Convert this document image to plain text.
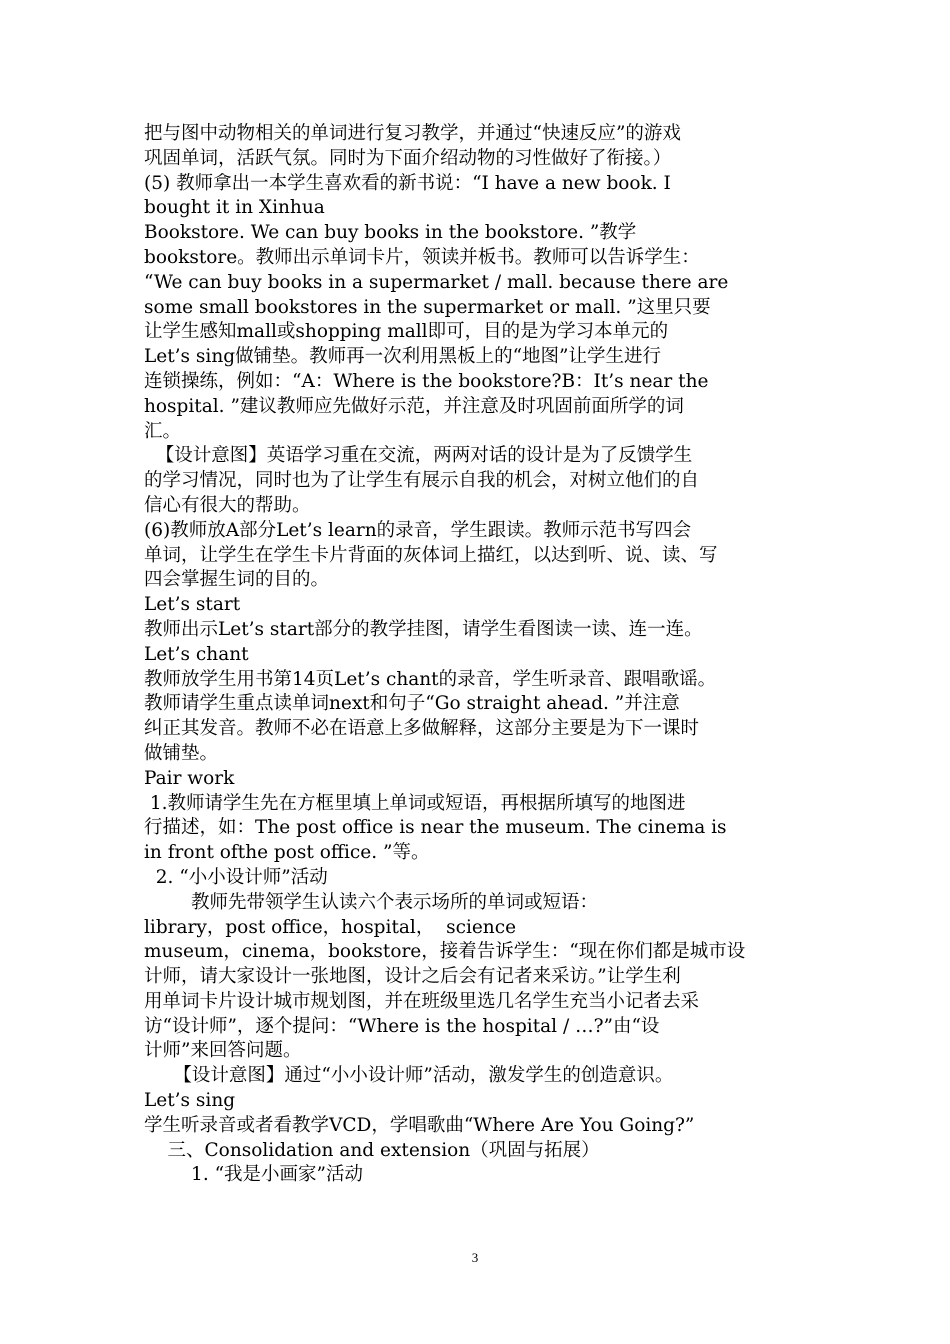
把与图中动物相关的单词进行复习教学，并通过“快速反应”的游戏
巩固单词，活跃气氛。同时为下面介绍动物的习性做好了衔接。）
(5) 教师拿出一本学生喜欢看的新书说：“I have a new book. I
bought it in Xinhua
Bookstore. We can buy books in the bookstore. ”教学
bookstore。教师出示单词卡片，领读并板书。教师可以告诉学生：
“We can buy books in a supermarket / mall. because there are
some small bookstores in the supermarket or mall. ”这里只要
让学生感知mall或shopping mall即可，目的是为学习本单元的
Let’s sing做铺垫。教师再一次利用黑板上的“地图”让学生进行
连锁操练，例如：“A：Where is the bookstore?B：It’s near the
hospital. ”建议教师应先做好示范，并注意及时巩固前面所学的词
汇。
【设计意图】英语学习重在交流，两两对话的设计是为了反馈学生
的学习情况，同时也为了让学生有展示自我的机会，对树立他们的自
信心有很大的帮助。
(6)教师放A部分Let’s learn的录音，学生跟读。教师示范书写四会
单词，让学生在学生卡片背面的灰体词上描红，以达到听、说、读、写
四会掌握生词的目的。
Let’s start
教师出示Let’s start部分的教学挂图，请学生看图读一读、连一连。
Let’s chant
教师放学生用书第14页Let’s chant的录音，学生听录音、跟唱歌谣。
教师请学生重点读单词next和句子“Go straight ahead. ”并注意
纠正其发音。教师不必在语意上多做解释，这部分主要是为下一课时
做铺垫。
Pair work
1.教师请学生先在方框里填上单词或短语，再根据所填写的地图进
行描述，如：The post office is near the museum. The cinema is
in front ofthe post office. ”等。
2. “小小设计师”活动
教师先带领学生认读六个表示场所的单词或短语：
library，post office，hospital，  science
museum，cinema，bookstore，接着告诉学生：“现在你们都是城市设
计师，请大家设计一张地图，设计之后会有记者来采访。”让学生利
用单词卡片设计城市规划图，并在班级里选几名学生充当小记者去采
访“设计师”，逐个提问：“Where is the hospital / …?”由“设
计师”来回答问题。
【设计意图】通过“小小设计师”活动，激发学生的创造意识。
Let’s sing
学生听录音或者看教学VCD，学唱歌曲“Where Are You Going?”
三、Consolidation and extension（巩固与拓展）
1. “我是小画家”活动
3
